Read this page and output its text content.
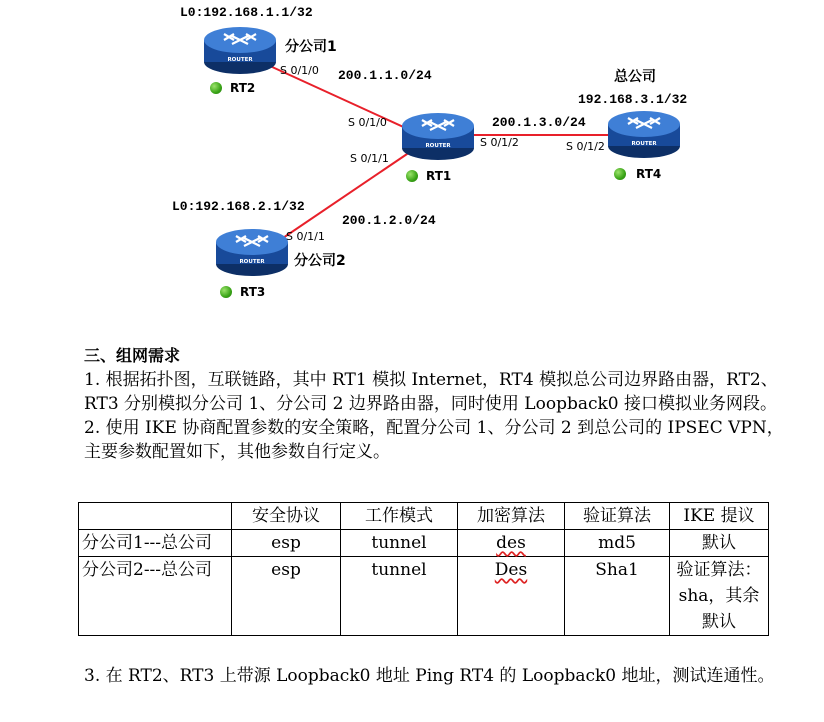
ROUTER
ROUTER	ROUTER
ROUTER
L0:192.168.1.1/32
L0:192.168.2.1/32
192.168.3.1/32
分公司1
分公司2
总公司
200.1.1.0/24
200.1.3.0/24
200.1.2.0/24
S 0/1/0
S 0/1/0
S 0/1/1
S 0/1/1
S 0/1/2	S 0/1/2
RT2
RT1	RT4
RT3

三、组网需求

1. 根据拓扑图，互联链路，其中 RT1 模拟 Internet，RT4 模拟总公司边界路由器，RT2、RT3 分别模拟分公司 1、分公司 2 边界路由器，同时使用 Loopback0 接口模拟业务网段。

2. 使用 IKE 协商配置参数的安全策略，配置分公司 1、分公司 2 到总公司的 IPSEC VPN，主要参数配置如下，其他参数自行定义。

	安全协议	工作模式	加密算法	验证算法	IKE 提议
分公司1---总公司	esp	tunnel	des	md5	默认
分公司2---总公司	esp	tunnel	Des	Sha1	验证算法：sha，其余默认
3. 在 RT2、RT3 上带源 Loopback0 地址 Ping RT4 的 Loopback0 地址，测试连通性。
